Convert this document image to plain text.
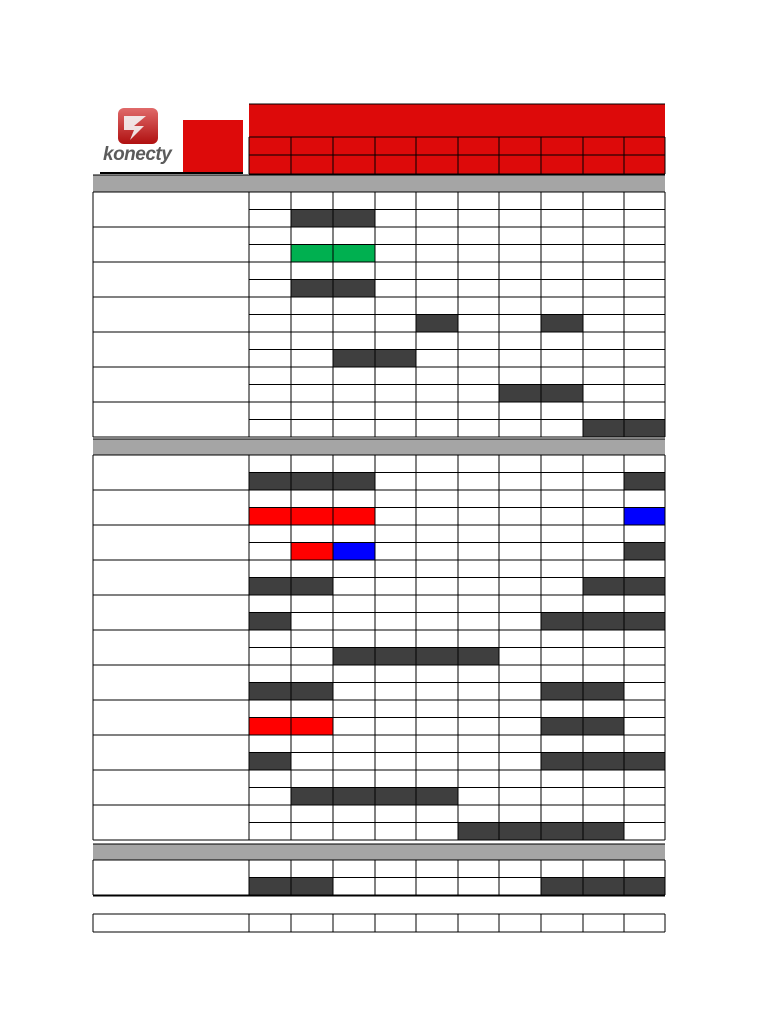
konecty
